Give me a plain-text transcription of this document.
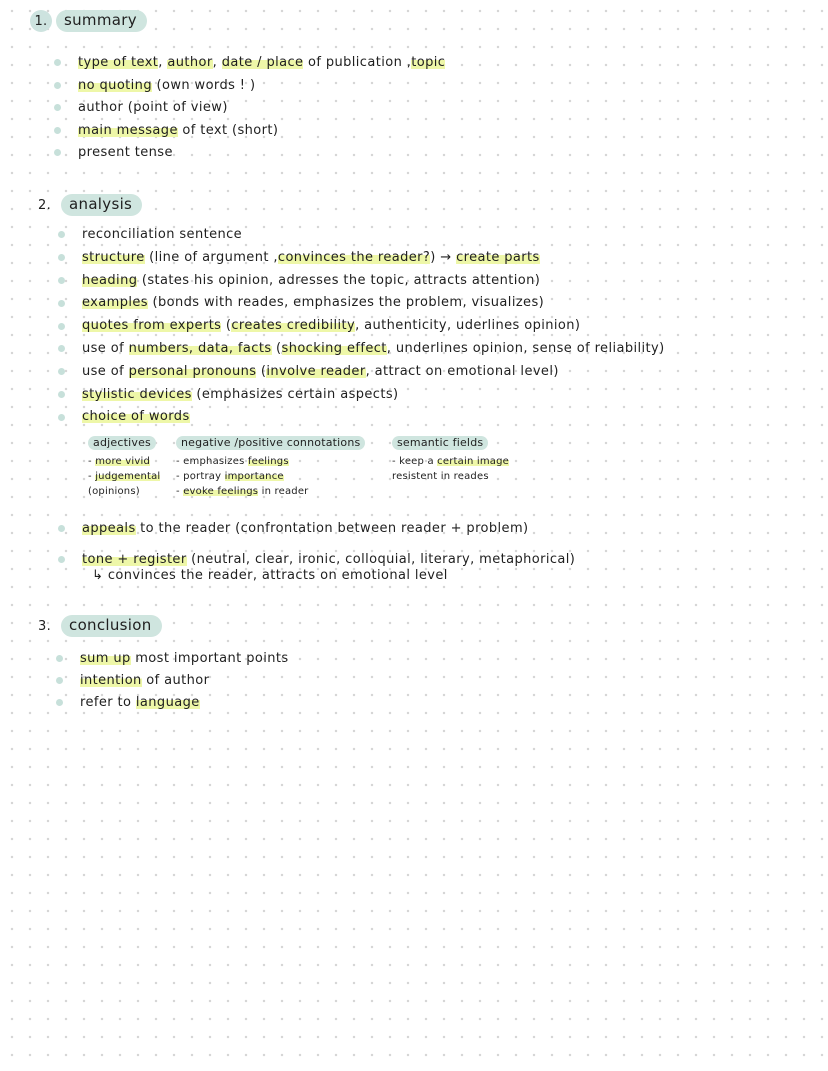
1.	summary
type of text, author, date / place of publication ,topic
no quoting (own words ! )
author (point of view)
main message of text (short)
present tense
2.	analysis
reconciliation sentence
structure (line of argument ,convinces the reader?) → create parts
heading (states his opinion, adresses the topic, attracts attention)
examples (bonds with reades, emphasizes the problem, visualizes)
quotes from experts (creates credibility, authenticity, uderlines opinion)
use of numbers, data, facts (shocking effect, underlines opinion, sense of reliability)
use of personal pronouns (involve reader, attract on emotional level)
stylistic devices (emphasizes certain aspects)
choice of words
adjectives
- more vivid
- judgemental
(opinions)
negative /positive connotations
- emphasizes feelings
- portray importance
- evoke feelings in reader
semantic fields
- keep a certain image
resistent in reades
appeals to the reader (confrontation between reader + problem)
tone + register (neutral, clear, ironic, colloquial, literary, metaphorical)
↳ convinces the reader, attracts on emotional level
3.	conclusion
sum up most important points
intention of author
refer to language
